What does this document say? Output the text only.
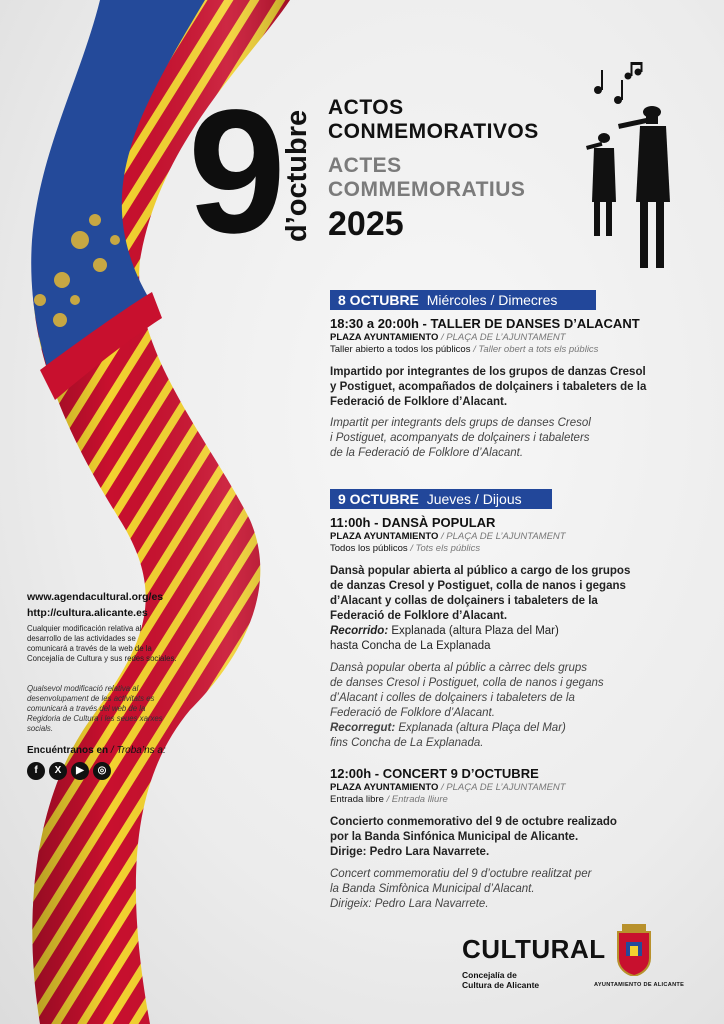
9 d’octubre
ACTOS
CONMEMORATIVOS
ACTES
COMMEMORATIUS
2025
8 OCTUBRE Miércoles / Dimecres
18:30 a 20:00h - TALLER DE DANSES D’ALACANT
PLAZA AYUNTAMIENTO / PLAÇA DE L’AJUNTAMENT
Taller abierto a todos los públicos / Taller obert a tots els públics
Impartido por integrantes de los grupos de danzas Cresol
y Postiguet, acompañados de dolçainers i tabaleters de la
Federació de Folklore d’Alacant.
Impartit per integrants dels grups de danses Cresol
i Postiguet, acompanyats de dolçainers i tabaleters
de la Federació de Folklore d’Alacant.
9 OCTUBRE Jueves / Dijous
11:00h - DANSÀ POPULAR
PLAZA AYUNTAMIENTO / PLAÇA DE L’AJUNTAMENT
Todos los públicos / Tots els públics
Dansà popular abierta al público a cargo de los grupos
de danzas Cresol y Postiguet, colla de nanos i gegans
d’Alacant y collas de dolçainers i tabaleters de la
Federació de Folklore d’Alacant.
Recorrido: Explanada (altura Plaza del Mar)
hasta Concha de La Explanada
Dansà popular oberta al públic a càrrec dels grups
de danses Cresol i Postiguet, colla de nanos i gegans
d’Alacant i colles de dolçainers i tabaleters de la
Federació de Folklore d’Alacant.
Recorregut: Explanada (altura Plaça del Mar)
fins Concha de La Explanada.
12:00h - CONCERT 9 D’OCTUBRE
PLAZA AYUNTAMIENTO / PLAÇA DE L’AJUNTAMENT
Entrada libre / Entrada lliure
Concierto conmemorativo del 9 de octubre realizado
por la Banda Sinfónica Municipal de Alicante.
Dirige: Pedro Lara Navarrete.
Concert commemoratiu del 9 d’octubre realitzat per
la Banda Simfònica Municipal d’Alacant.
Dirigeix: Pedro Lara Navarrete.
www.agendacultural.org/es
http://cultura.alicante.es
Cualquier modificación relativa al desarrollo de las actividades se comunicará a través de la web de la Concejalía de Cultura y sus redes sociales.
Qualsevol modificació relativa al desenvolupament de les activitats es comunicarà a través del web de la Regidoria de Cultura i les seues xarxes socials.
Encuéntranos en / Troba’ns a:
f	X	▶	◎
CULTURAL
Concejalía de
Cultura de Alicante	AYUNTAMIENTO DE ALICANTE
